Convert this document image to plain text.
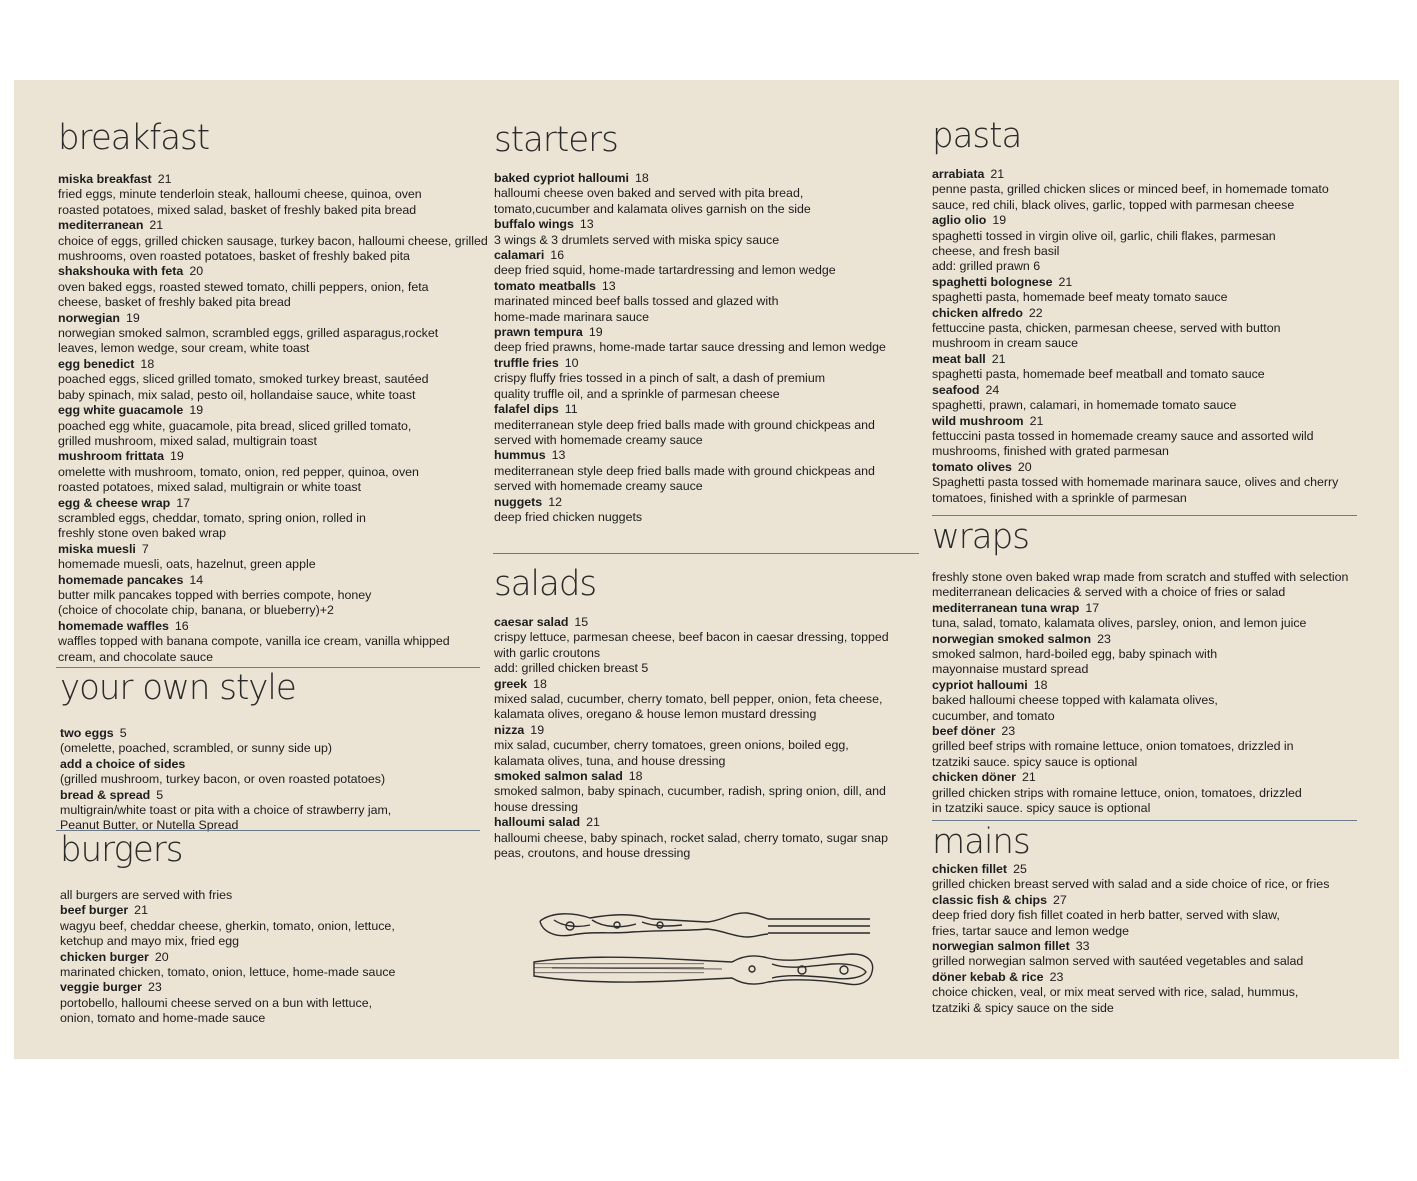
breakfast
miska breakfast 21
fried eggs, minute tenderloin steak, halloumi cheese, quinoa, oven
roasted potatoes, mixed salad, basket of freshly baked pita bread
mediterranean 21
choice of eggs, grilled chicken sausage, turkey bacon, halloumi cheese, grilled
mushrooms, oven roasted potatoes, basket of freshly baked pita
shakshouka with feta 20
oven baked eggs, roasted stewed tomato, chilli peppers, onion, feta
cheese, basket of freshly baked pita bread
norwegian 19
norwegian smoked salmon, scrambled eggs, grilled asparagus,rocket
leaves, lemon wedge, sour cream, white toast
egg benedict 18
poached eggs, sliced grilled tomato, smoked turkey breast, sautéed
baby spinach, mix salad, pesto oil, hollandaise sauce, white toast
egg white guacamole 19
poached egg white, guacamole, pita bread, sliced grilled tomato,
grilled mushroom, mixed salad, multigrain toast
mushroom frittata 19
omelette with mushroom, tomato, onion, red pepper, quinoa, oven
roasted potatoes, mixed salad, multigrain or white toast
egg & cheese wrap 17
scrambled eggs, cheddar, tomato, spring onion, rolled in
freshly stone oven baked wrap
miska muesli 7
homemade muesli, oats, hazelnut, green apple
homemade pancakes 14
butter milk pancakes topped with berries compote, honey
(choice of chocolate chip, banana, or blueberry)+2
homemade waffles 16
waffles topped with banana compote, vanilla ice cream, vanilla whipped
cream, and chocolate sauce
your own style
two eggs 5
(omelette, poached, scrambled, or sunny side up)
add a choice of sides
(grilled mushroom, turkey bacon, or oven roasted potatoes)
bread & spread 5
multigrain/white toast or pita with a choice of strawberry jam,
Peanut Butter, or Nutella Spread
burgers
all burgers are served with fries
beef burger 21
wagyu beef, cheddar cheese, gherkin, tomato, onion, lettuce,
ketchup and mayo mix, fried egg
chicken burger 20
marinated chicken, tomato, onion, lettuce, home-made sauce
veggie burger 23
portobello, halloumi cheese served on a bun with lettuce,
onion, tomato and home-made sauce
starters
baked cypriot halloumi 18
halloumi cheese oven baked and served with pita bread,
tomato,cucumber and kalamata olives garnish on the side
buffalo wings 13
3 wings & 3 drumlets served with miska spicy sauce
calamari 16
deep fried squid, home-made tartardressing and lemon wedge
tomato meatballs 13
marinated minced beef balls tossed and glazed with
home-made marinara sauce
prawn tempura 19
deep fried prawns, home-made tartar sauce dressing and lemon wedge
truffle fries 10
crispy fluffy fries tossed in a pinch of salt, a dash of premium
quality truffle oil, and a sprinkle of parmesan cheese
falafel dips 11
mediterranean style deep fried balls made with ground chickpeas and
served with homemade creamy sauce
hummus 13
mediterranean style deep fried balls made with ground chickpeas and
served with homemade creamy sauce
nuggets 12
deep fried chicken nuggets
salads
caesar salad 15
crispy lettuce, parmesan cheese, beef bacon in caesar dressing, topped
with garlic croutons
add: grilled chicken breast 5
greek 18
mixed salad, cucumber, cherry tomato, bell pepper, onion, feta cheese,
kalamata olives, oregano & house lemon mustard dressing
nizza 19
mix salad, cucumber, cherry tomatoes, green onions, boiled egg,
kalamata olives, tuna, and house dressing
smoked salmon salad 18
smoked salmon, baby spinach, cucumber, radish, spring onion, dill, and
house dressing
halloumi salad 21
halloumi cheese, baby spinach, rocket salad, cherry tomato, sugar snap
peas, croutons, and house dressing
pasta
arrabiata 21
penne pasta, grilled chicken slices or minced beef, in homemade tomato
sauce, red chili, black olives, garlic, topped with parmesan cheese
aglio olio 19
spaghetti tossed in virgin olive oil, garlic, chili flakes, parmesan
cheese, and fresh basil
add: grilled prawn 6
spaghetti bolognese 21
spaghetti pasta, homemade beef meaty tomato sauce
chicken alfredo 22
fettuccine pasta, chicken, parmesan cheese, served with button
mushroom in cream sauce
meat ball 21
spaghetti pasta, homemade beef meatball and tomato sauce
seafood 24
spaghetti, prawn, calamari, in homemade tomato sauce
wild mushroom 21
fettuccini pasta tossed in homemade creamy sauce and assorted wild
mushrooms, finished with grated parmesan
tomato olives 20
Spaghetti pasta tossed with homemade marinara sauce, olives and cherry
tomatoes, finished with a sprinkle of parmesan
wraps
freshly stone oven baked wrap made from scratch and stuffed with selection
mediterranean delicacies & served with a choice of fries or salad
mediterranean tuna wrap 17
tuna, salad, tomato, kalamata olives, parsley, onion, and lemon juice
norwegian smoked salmon 23
smoked salmon, hard-boiled egg, baby spinach with
mayonnaise mustard spread
cypriot halloumi 18
baked halloumi cheese topped with kalamata olives,
cucumber, and tomato
beef döner 23
grilled beef strips with romaine lettuce, onion tomatoes, drizzled in
tzatziki sauce. spicy sauce is optional
chicken döner 21
grilled chicken strips with romaine lettuce, onion, tomatoes, drizzled
in tzatziki sauce. spicy sauce is optional
mains
chicken fillet 25
grilled chicken breast served with salad and a side choice of rice, or fries
classic fish & chips 27
deep fried dory fish fillet coated in herb batter, served with slaw,
fries, tartar sauce and lemon wedge
norwegian salmon fillet 33
grilled norwegian salmon served with sautéed vegetables and salad
döner kebab & rice 23
choice chicken, veal, or mix meat served with rice, salad, hummus,
tzatziki & spicy sauce on the side
